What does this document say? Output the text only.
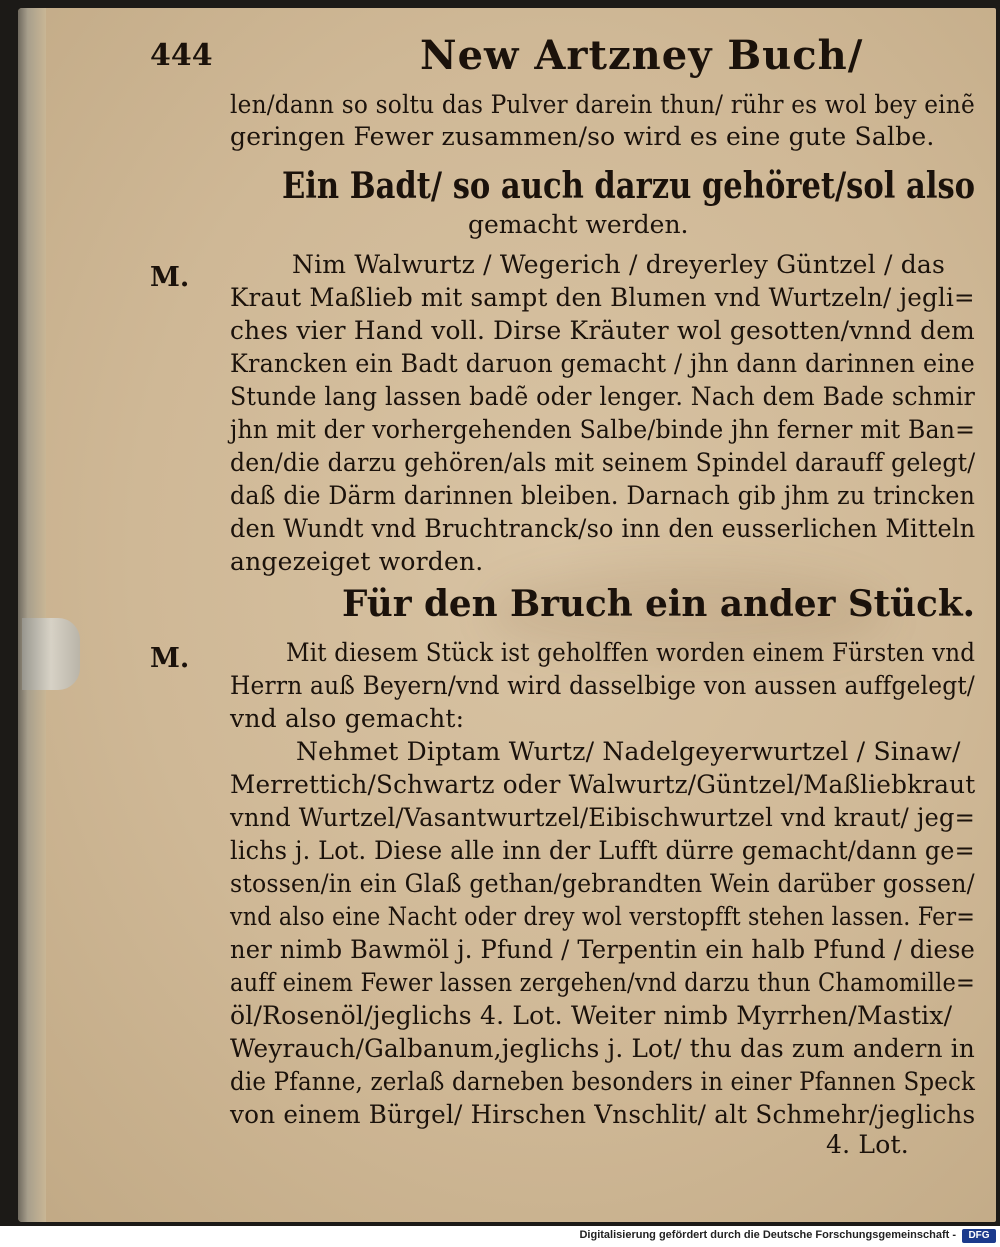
444	New Artzney Buch/
len/dann so soltu das Pulver darein thun/ rühr es wol bey einẽ
geringen Fewer zusammen/so wird es eine gute Salbe.
Ein Badt/ so auch darzu gehöret/sol also
gemacht werden.
M.	Nim Walwurtz / Wegerich / dreyerley Güntzel / das
Kraut Maßlieb mit sampt den Blumen vnd Wurtzeln/ jegli=
ches vier Hand voll. Dirse Kräuter wol gesotten/vnnd dem
Krancken ein Badt daruon gemacht / jhn dann darinnen eine
Stunde lang lassen badẽ oder lenger. Nach dem Bade schmir
jhn mit der vorhergehenden Salbe/binde jhn ferner mit Ban=
den/die darzu gehören/als mit seinem Spindel darauff gelegt/
daß die Därm darinnen bleiben. Darnach gib jhm zu trincken
den Wundt vnd Bruchtranck/so inn den eusserlichen Mitteln
angezeiget worden.
Für den Bruch ein ander Stück.
M.	Mit diesem Stück ist geholffen worden einem Fürsten vnd
Herrn auß Beyern/vnd wird dasselbige von aussen auffgelegt/
vnd also gemacht:
Nehmet Diptam Wurtz/ Nadelgeyerwurtzel / Sinaw/
Merrettich/Schwartz oder Walwurtz/Güntzel/Maßliebkraut
vnnd Wurtzel/Vasantwurtzel/Eibischwurtzel vnd kraut/ jeg=
lichs j. Lot. Diese alle inn der Lufft dürre gemacht/dann ge=
stossen/in ein Glaß gethan/gebrandten Wein darüber gossen/
vnd also eine Nacht oder drey wol verstopfft stehen lassen. Fer=
ner nimb Bawmöl j. Pfund / Terpentin ein halb Pfund / diese
auff einem Fewer lassen zergehen/vnd darzu thun Chamomille=
öl/Rosenöl/jeglichs 4. Lot. Weiter nimb Myrrhen/Mastix/
Weyrauch/Galbanum,jeglichs j. Lot/ thu das zum andern in
die Pfanne, zerlaß darneben besonders in einer Pfannen Speck
von einem Bürgel/ Hirschen Vnschlit/ alt Schmehr/jeglichs
4. Lot.
Digitalisierung gefördert durch die Deutsche Forschungsgemeinschaft -	DFG
